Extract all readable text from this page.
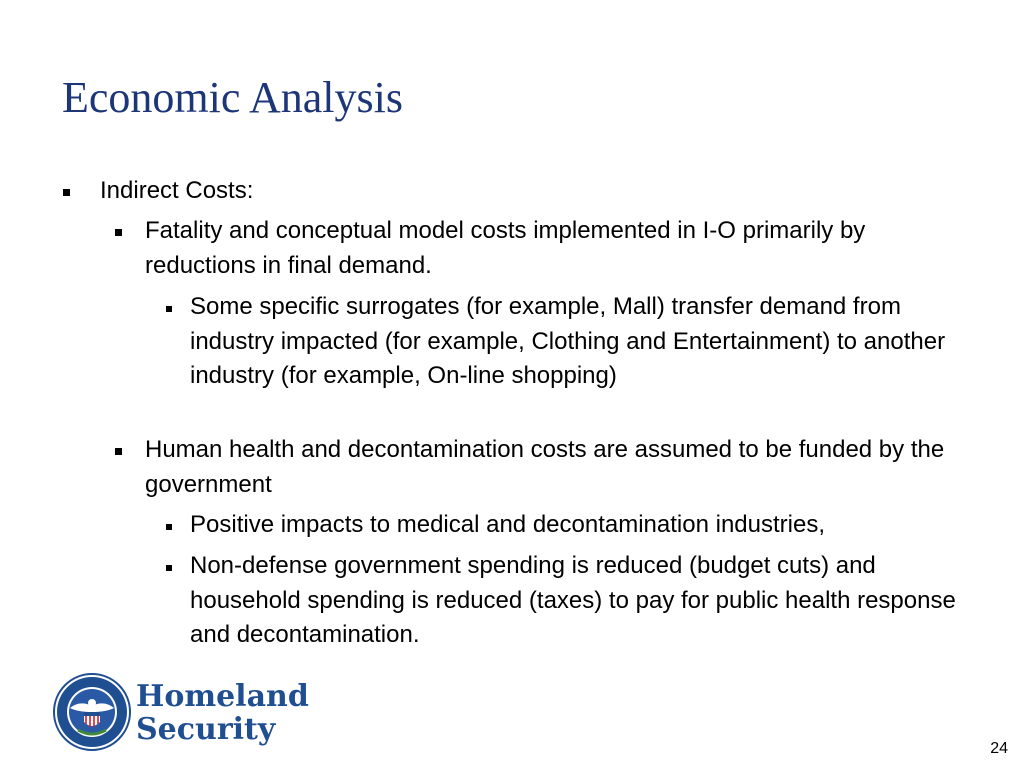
Economic Analysis
Indirect Costs:
Fatality and conceptual model costs implemented in I-O primarily by reductions in final demand.
Some specific surrogates (for example, Mall) transfer demand from industry impacted (for example, Clothing and Entertainment) to another industry (for example, On-line shopping)
Human health and decontamination costs are assumed to be funded by the government
Positive impacts to medical and decontamination industries,
Non-defense government spending is reduced (budget cuts) and household spending is reduced (taxes) to pay for public health response and decontamination.
Homeland
Security
24
